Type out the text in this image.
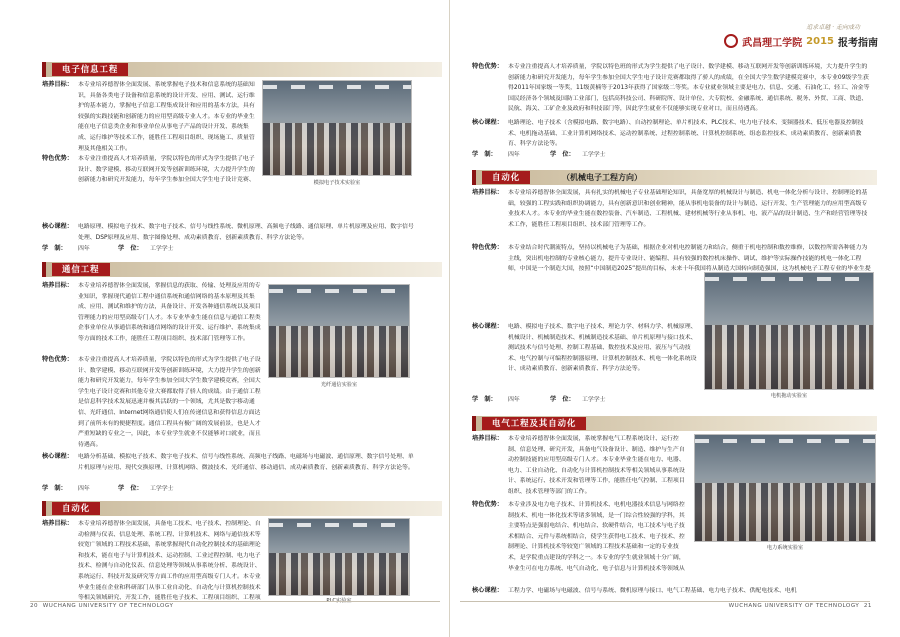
电子信息工程
培养目标： 本专业培养德智体全面发展、系统掌握电子技术和信息系统的基础知识，具备各类电子设备和信息系统的设计开发、应用、测试、运行维护的基本能力，掌握电子信息工程集成设计和应用的基本方法，具有较强的实践技能和创新能力的应用型高级专业人才。本专业的毕业生能在电子信息类企业和事业单位从事电子产品的设计开发、系统集成、运行维护等技术工作，能胜任工程项目组织、现场施工、质量管理及其他相关工作。
模拟电子技术实验室
特色优势： 本专业注重提高人才培养质量，学院以特色的形式为学生提供了电子设计、数学建模、移动互联网开发等创新训练环境，大力提升学生的创新能力和研究开发能力，每年学生参加全国大学生电子设计竞赛、
核心课程： 电路原理、模拟电子技术、数字电子技术、信号与线性系统、微机原理、高频电子线路、通信原理、单片机原理及应用、数字信号处理、DSP原理及应用、数字图像处理、成功素质教育、创新素质教育、科学方法论等。
学　制： 四年	学　位： 工学学士
通信工程
培养目标： 本专业培养德智体全面发展，掌握信息的获取、传输、处理及应用的专业知识，掌握现代通信工程中通信系统和通信网络的基本原理及其集成、应用、测试和维护的方法，具备设计、开发各种通信系统以及项目管理能力的应用型高级专门人才。本专业毕业生能在信息与通信工程类企事业单位从事通信系统和通信网络的设计开发、运行维护、系统集成等方面的技术工作，能胜任工程项目组织、技术部门管理等工作。
光纤通信实验室
特色优势： 本专业注重提高人才培养质量，学院以特色的形式为学生提供了电子设计、数学建模、移动互联网开发等创新训练环境，大力提升学生的创新能力和研究开发能力，每年学生参加全国大学生数学建模竞赛，全国大学生电子设计竞赛和其他专业大赛都取得了骄人的成绩。由于通信工程是信息科学技术发展迅速并极其活跃的一个领域，尤其是数字移动通信、光纤通信、Internet网络通信使人们在传递信息和获得信息方面达到了前所未有的便捷程度。通信工程具有极广阔的发展前景，也是人才严重短缺的专业之一，因此，本专业学生就业不仅能够对口就业，而且待遇高。
核心课程： 电路分析基础、模拟电子技术、数字电子技术、信号与线性系统、高频电子线路、电磁场与电磁波、通信原理、数字信号处理、单片机原理与应用、现代交换原理、计算机网络、微波技术、光纤通信、移动通信、成功素质教育、创新素质教育、科学方法论等。
学　制： 四年	学　位： 工学学士
自动化
培养目标： 本专业培养德智体全面发展，具备电工技术、电子技术、控制理论、自动检测与仪表、信息处理、系统工程、计算机技术、网络与通信技术等较宽广领域的工程技术基础，系统掌握现代自动化控制技术的基础理论和技术，能在电子与计算机技术、运动控制、工业过程控制、电力电子技术、检测与自动化仪表、信息处理等领域从事系统分析、系统设计、系统运行、科技开发及研究等方面工作的应用型高级专门人才。本专业毕业生能在企业和科研部门从事工业自动化、自动化与计算机控制技术等相关领域研究、开发工作，能胜任电子技术、工程项目组织、工程项
20 WUCHANG UNIVERSITY OF TECHNOLOGY
追求卓越 · 走向成功
武昌理工学院 2015 报考指南
特色优势： 本专业注重提高人才培养质量，学院以特色班的形式为学生提供了电子设计、数学建模、移动互联网开发等创新训练环境，大力提升学生的创新能力和研究开发能力，每年学生参加全国大学生电子设计竞赛都取得了骄人的成绩，在全国大学生数学建模竞赛中，本专业09级学生获得2011年国家级一等奖，11级黄楠等于2013年获得了国家级二等奖。本专业就业领域主要是电力、信息、交通、石油化工、轻工、冶金等国民经济各个领域及国防工业部门，包括高科技公司、科研院所、设计单位、大专院校、金融系统、通信系统、税务、外贸、工商、铁道、民航、海关、工矿企业及政府和科技部门等，因此学生就业不仅能够实现专业对口，而且待遇高。
核心课程： 电路理论、电子技术（含模拟电路、数字电路）、自动控制理论、单片机技术、PLC技术、电力电子技术、变频器技术、低压电器及控制技术、电机拖动基础、工业计算机网络技术、运动控制系统、过程控制系统、计算机控制系统、组态监控技术、成功素质教育、创新素质教育、科学方法论等。
学　制： 四年	学　位： 工学学士
自动化	（机械电子工程方向）
培养目标： 本专业培养德智体全面发展，具有扎实的机械电子专业基础理论知识，具备宽厚的机械设计与制造、机电一体化分析与设计、控制理论的基础，较强的工程实践和组织协调能力，具有创新意识和创业精神，能从事机电装备的设计与制造、运行开发、生产管理能力的应用型高级专业技术人才。本专业的毕业生能在数控装备、汽车制造、工程机械、建材机械等行业从事机、电、液产品的设计制造、生产和经营管理等技术工作，能胜任工程项目组织、技术部门管理等工作。
特色优势： 本专业结合时代潮流特点，坚持以机械电子为基础，根据企业对机电控制能力和结合，侧重于机电控制和数控维修，以数控所需各种能力为主线，突出机电控制的专业核心能力，提升专业设计、能编程、具有较强的数控机床操作、调试、维护等实际操作技能的机电一体化工程师，中国是一个制造大国，按照“中国制造2025”提出的目标，未来十年我国将从制造大国转向制造强国，这为机械电子工程专业的毕业生提
电机拖动实验室
核心课程： 电路、模拟电子技术、数字电子技术、理论力学、材料力学、机械原理、机械设计、机械制造技术、机械制造技术基础、单片机原理与接口技术、测试技术与信号处理、控制工程基础、数控技术及应用、液压与气动技术、电气控制与可编程控制器原理、计算机控制技术、机电一体化系统设计、成功素质教育、创新素质教育、科学方法论等。
学　制： 四年	学　位： 工学学士
电气工程及其自动化
培养目标： 本专业培养德智体全面发展，系统掌握电气工程系统设计、运行控制、信息处理、研究开发，具备电气设备设计、制造、维护与生产自动控制技能的应用型高级专门人才。本专业毕业生能在电力、电器、电力、工业自动化、自动化与计算机控制技术等相关领域从事系统设计、系统运行、技术开发和管理等工作，能胜任电气控制、工程项目组织、技术管理等部门的工作。
电力系统实验室
特色优势： 本专业涉及电力电子技术、计算机技术、电机电器技术信息与网络控制技术、机电一体化技术等诸多领域，是一门综合性较强的学科，其主要特点是强弱电结合、机电结合、软硬件结合，电工技术与电子技术相结合、元件与系统相结合，使学生获得电工技术、电子技术、控制理论、计算机技术等较宽广领域的工程技术基础和一定的专业技术，是学院重点建设的学科之一。本专业的学生就业领域十分广阔，毕业生可在电力系统、电气自动化、电子信息与计算机技术等领域从
核心课程： 工程力学、电磁场与电磁波、信号与系统、微机原理与接口、电气工程基础、电力电子技术、供配电技术、电机
WUCHANG UNIVERSITY OF TECHNOLOGY 21
